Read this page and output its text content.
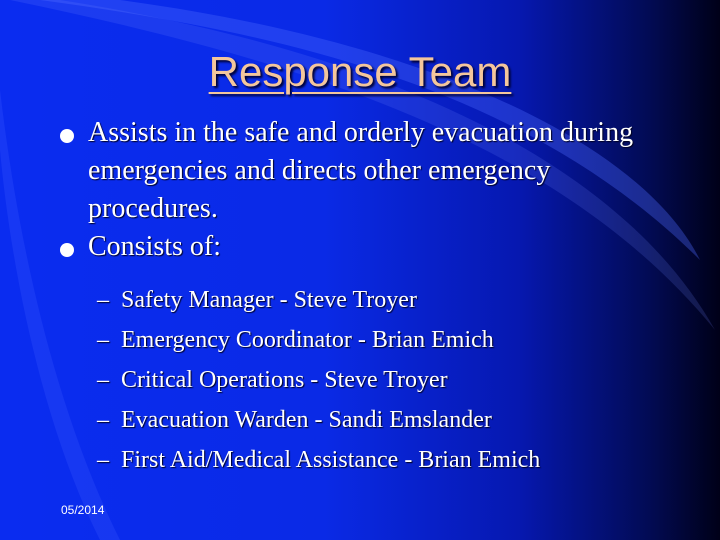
Response Team
Assists in the safe and orderly evacuation during emergencies and directs other emergency procedures.
Consists of:
– Safety Manager - Steve Troyer
– Emergency Coordinator - Brian Emich
– Critical Operations - Steve Troyer
– Evacuation Warden - Sandi Emslander
– First Aid/Medical Assistance - Brian Emich
05/2014
